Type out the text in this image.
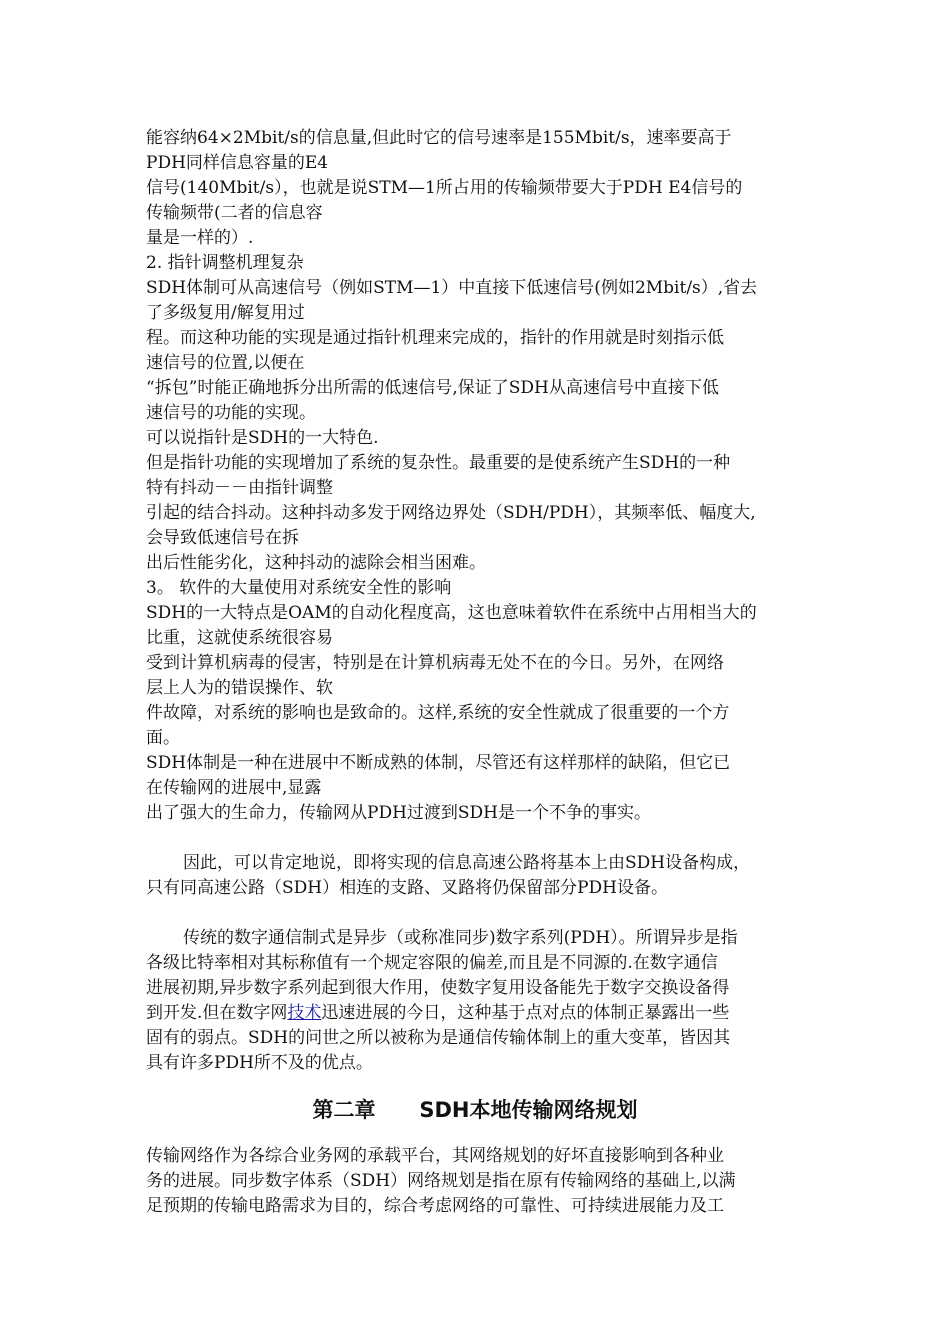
能容纳64×2Mbit/s的信息量,但此时它的信号速率是155Mbit/s，速率要高于
PDH同样信息容量的E4
信号(140Mbit/s），也就是说STM—1所占用的传输频带要大于PDH E4信号的
传输频带(二者的信息容
量是一样的）.
2. 指针调整机理复杂
SDH体制可从高速信号（例如STM—1）中直接下低速信号(例如2Mbit/s）,省去
了多级复用/解复用过
程。而这种功能的实现是通过指针机理来完成的，指针的作用就是时刻指示低
速信号的位置,以便在
“拆包”时能正确地拆分出所需的低速信号,保证了SDH从高速信号中直接下低
速信号的功能的实现。
可以说指针是SDH的一大特色.
但是指针功能的实现增加了系统的复杂性。最重要的是使系统产生SDH的一种
特有抖动－－由指针调整
引起的结合抖动。这种抖动多发于网络边界处（SDH/PDH），其频率低、幅度大,
会导致低速信号在拆
出后性能劣化，这种抖动的滤除会相当困难。
3。 软件的大量使用对系统安全性的影响
SDH的一大特点是OAM的自动化程度高，这也意味着软件在系统中占用相当大的
比重，这就使系统很容易
受到计算机病毒的侵害，特别是在计算机病毒无处不在的今日。另外，在网络
层上人为的错误操作、软
件故障，对系统的影响也是致命的。这样,系统的安全性就成了很重要的一个方
面。
SDH体制是一种在进展中不断成熟的体制，尽管还有这样那样的缺陷，但它已
在传输网的进展中,显露
出了强大的生命力，传输网从PDH过渡到SDH是一个不争的事实。
因此，可以肯定地说，即将实现的信息高速公路将基本上由SDH设备构成，
只有同高速公路（SDH）相连的支路、叉路将仍保留部分PDH设备。
传统的数字通信制式是异步（或称准同步)数字系列(PDH）。所谓异步是指
各级比特率相对其标称值有一个规定容限的偏差,而且是不同源的.在数字通信
进展初期,异步数字系列起到很大作用，使数字复用设备能先于数字交换设备得
到开发.但在数字网技术迅速进展的今日，这种基于点对点的体制正暴露出一些
固有的弱点。SDH的问世之所以被称为是通信传输体制上的重大变革，皆因其
具有许多PDH所不及的优点。
第二章 SDH本地传输网络规划
传输网络作为各综合业务网的承载平台，其网络规划的好坏直接影响到各种业
务的进展。同步数字体系（SDH）网络规划是指在原有传输网络的基础上,以满
足预期的传输电路需求为目的，综合考虑网络的可靠性、可持续进展能力及工
